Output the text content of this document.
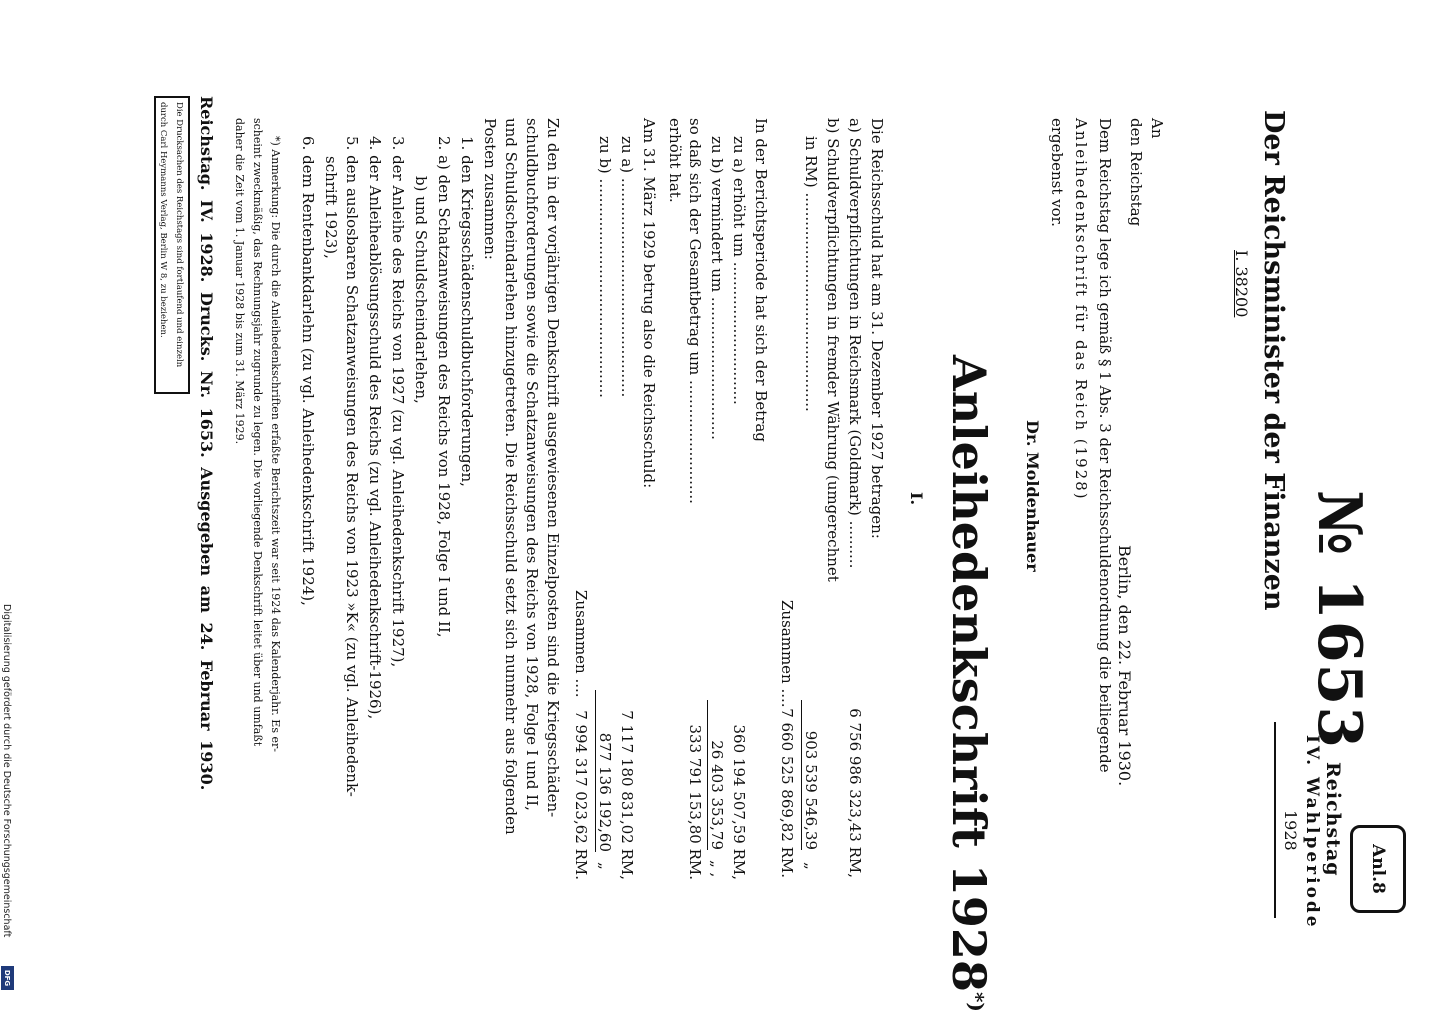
Anl.8
Reichstag
IV. Wahlperiode
1928
№ 1653
Der Reichsminister der Finanzen
I. 38200
An
den Reichstag
Berlin, den 22. Februar 1930.
Dem Reichstag lege ich gemäß § 1 Abs. 3 der Reichsschuldenordnung die beiliegende
Anleihedenkschrift für das Reich (1928)
ergebenst vor.
Dr. Moldenhauer
Anleihedenkschrift 1928*)
I.
Die Reichsschuld hat am 31. Dezember 1927 betragen:
a) Schuldverpflichtungen in Reichsmark (Goldmark) ..........
6 756 986 323,43 RM,
b) Schuldverpflichtungen in fremder Währung (umgerechnet
in RM) ..............................................
903 539 546,39
„
Zusammen ....
7 660 525 869,82 RM.
In der Berichtsperiode hat sich der Betrag
zu a) erhöht um ..............................
360 194 507,59 RM,
zu b) vermindert um ..............................
26 403 353,79
„ ,
so daß sich der Gesamtbetrag um ..........................
erhöht hat.
333 791 153,80 RM.
Am 31. März 1929 betrug also die Reichsschuld:
zu a) ..............................................
7 117 180 831,02 RM,
zu b) ..............................................
877 136 192,60
„
Zusammen ....
7 994 317 023,62 RM.
Zu den in der vorjährigen Denkschrift ausgewiesenen Einzelposten sind die Kriegsschäden-
schuldbuchforderungen sowie die Schatzanweisungen des Reichs von 1928, Folge I und II,
und Schuldscheindarlehen hinzugetreten. Die Reichsschuld setzt sich nunmehr aus folgenden
Posten zusammen:
1. den Kriegsschädenschuldbuchforderungen,
2. a) den Schatzanweisungen des Reichs von 1928, Folge I und II,
b) und Schuldscheindarlehen,
3. der Anleihe des Reichs von 1927 (zu vgl. Anleihedenkschrift 1927),
4. der Anleiheablösungsschuld des Reichs (zu vgl. Anleihedenkschrift-1926),
5. den auslosbaren Schatzanweisungen des Reichs von 1923 »K« (zu vgl. Anleihedenk-
schrift 1923),
6. dem Rentenbankdarlehn (zu vgl. Anleihedenkschrift 1924),
*) Anmerkung: Die durch die Anleihedenkschriften erfaßte Berichtszeit war seit 1924 das Kalenderjahr. Es er-
scheint zweckmäßig, das Rechnungsjahr zugrunde zu legen. Die vorliegende Denkschrift leitet über und umfaßt
daher die Zeit vom 1. Januar 1928 bis zum 31. März 1929.
Reichstag. IV. 1928. Drucks. Nr. 1653. Ausgegeben am 24. Februar 1930.
Die Drucksachen des Reichstags sind fortlaufend und einzeln durch Carl Heymanns Verlag, Berlin W 8, zu beziehen.
Digitalisierung gefördert durch die Deutsche Forschungsgemeinschaft
DFG
